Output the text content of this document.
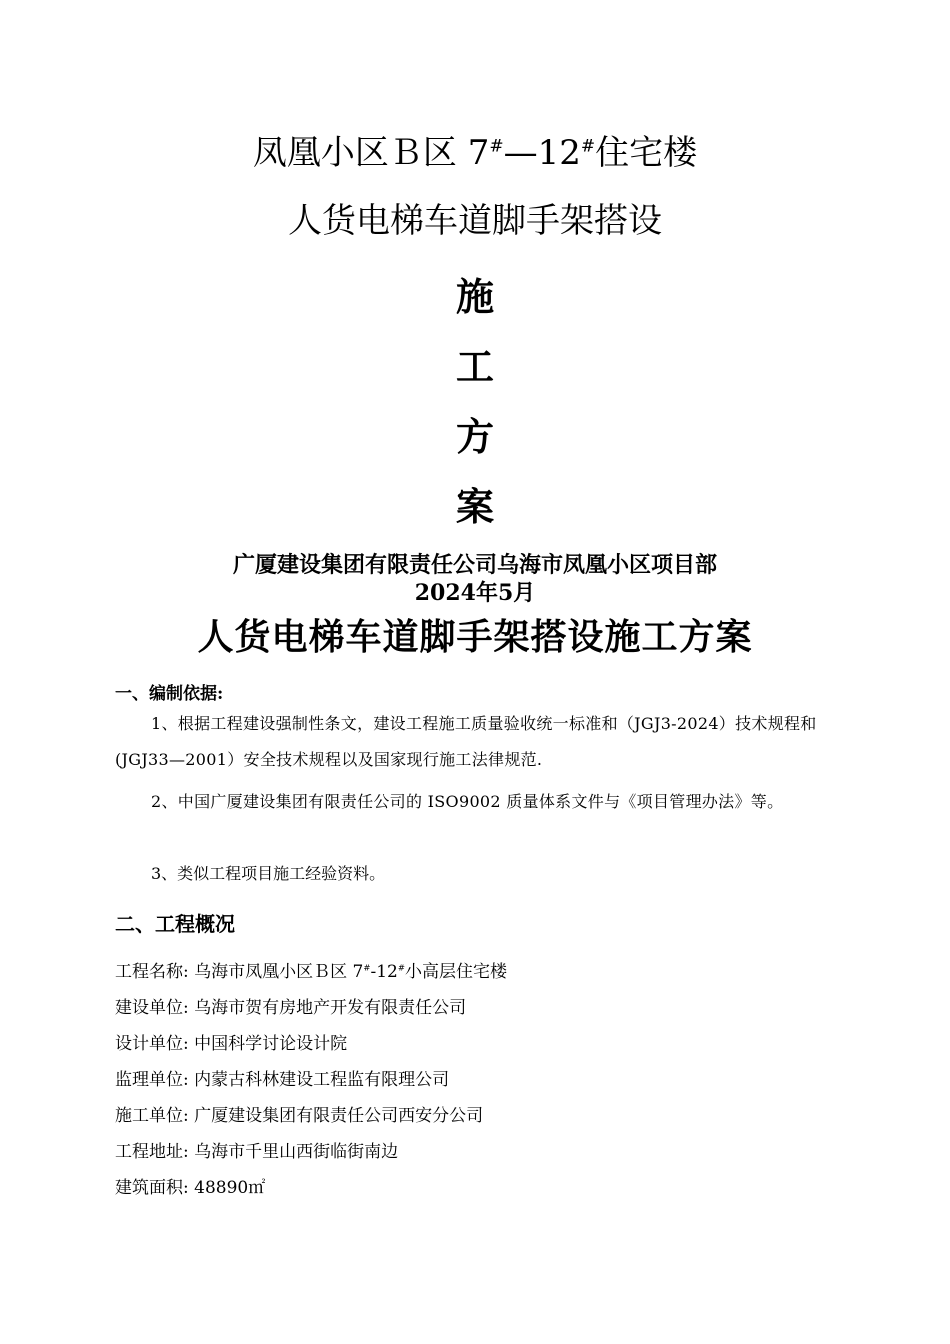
凤凰小区Ｂ区 7#—12#住宅楼
人货电梯车道脚手架搭设
施
工
方
案
广厦建设集团有限责任公司乌海市凤凰小区项目部
2024年5月
人货电梯车道脚手架搭设施工方案
一、编制依据:
1、根据工程建设强制性条文，建设工程施工质量验收统一标准和（JGJ3-2024）技术规程和(JGJ33—2001）安全技术规程以及国家现行施工法律规范.
2、中国广厦建设集团有限责任公司的 ISO9002 质量体系文件与《项目管理办法》等。
3、类似工程项目施工经验资料。
二、工程概况
工程名称: 乌海市凤凰小区Ｂ区 7#-12#小高层住宅楼
建设单位: 乌海市贺有房地产开发有限责任公司
设计单位: 中国科学讨论设计院
监理单位: 内蒙古科林建设工程监有限理公司
施工单位: 广厦建设集团有限责任公司西安分公司
工程地址: 乌海市千里山西街临街南边
建筑面积: 48890㎡
